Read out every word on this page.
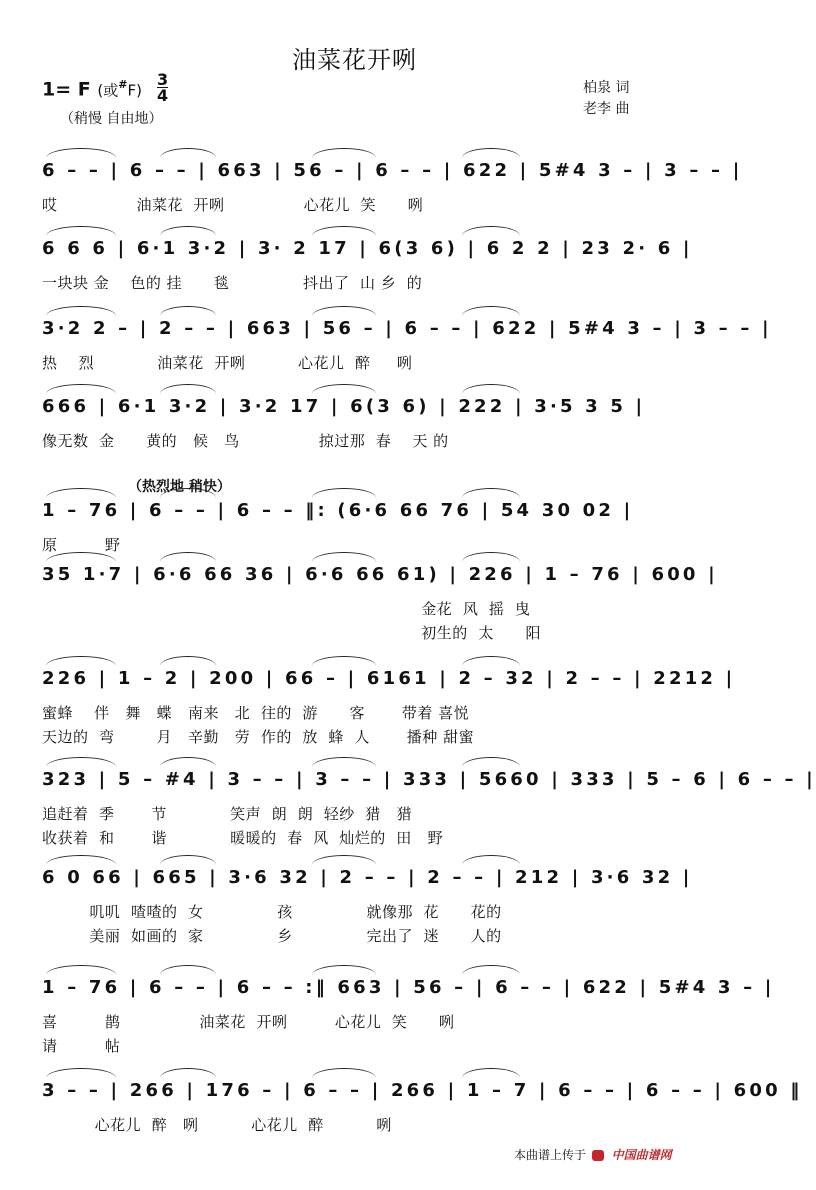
油菜花开咧
1= F (或#F)
3
4
（稍慢 自由地）
柏泉 词
老李 曲
6 – – | 6 – – | 663 | 56 – | 6 – – | 622 | 5#4 3 – | 3 – – |
哎               油菜花  开咧               心花儿  笑      咧
6 6 6 | 6·1 3·2 | 3· 2 17 | 6(3 6) | 6 2 2 | 23 2· 6 |
一块块 金    色的 挂      毯              抖出了  山 乡  的
3·2 2 – | 2 – – | 663 | 56 – | 6 – – | 622 | 5#4 3 – | 3 – – |
热    烈            油菜花  开咧          心花儿  醉     咧
666 | 6·1 3·2 | 3·2 17 | 6(3 6) | 222 | 3·5 3 5 |
像无数  金      黄的   候   鸟               掠过那  春    天 的
（热烈地 稍快）
1 – 76 | 6 – – | 6 – – ‖: (6·6 66 76 | 54 30 02 |
原         野
35 1·7 | 6·6 66 36 | 6·6 66 61) | 226 | 1 – 76 | 600 |
金花  风  摇  曳
初生的  太      阳
226 | 1 – 2 | 200 | 66 – | 6161 | 2 – 32 | 2 – – | 2212 |
蜜蜂    伴   舞   蝶   南来   北  往的  游      客       带着 喜悦
天边的  弯        月   辛勤   劳  作的  放  蜂  人       播种 甜蜜
323 | 5 – #4 | 3 – – | 3 – – | 333 | 5660 | 333 | 5 – 6 | 6 – – |
追赶着  季       节            笑声  朗  朗  轻纱  猎   猎
收获着  和       谐            暖暖的  春  风  灿烂的  田   野
6 0 66 | 665 | 3·6 32 | 2 – – | 2 – – | 212 | 3·6 32 |
叽叽  喳喳的  女              孩              就像那  花      花的
美丽  如画的  家              乡              完出了  迷      人的
1 – 76 | 6 – – | 6 – – :‖ 663 | 56 – | 6 – – | 622 | 5#4 3 – |
喜         鹊               油菜花  开咧         心花儿  笑      咧
请         帖
3 – – | 266 | 176 – | 6 – – | 266 | 1 – 7 | 6 – – | 6 – – | 600 ‖
心花儿  醉   咧          心花儿  醉          咧
本曲谱上传于 中国曲谱网
